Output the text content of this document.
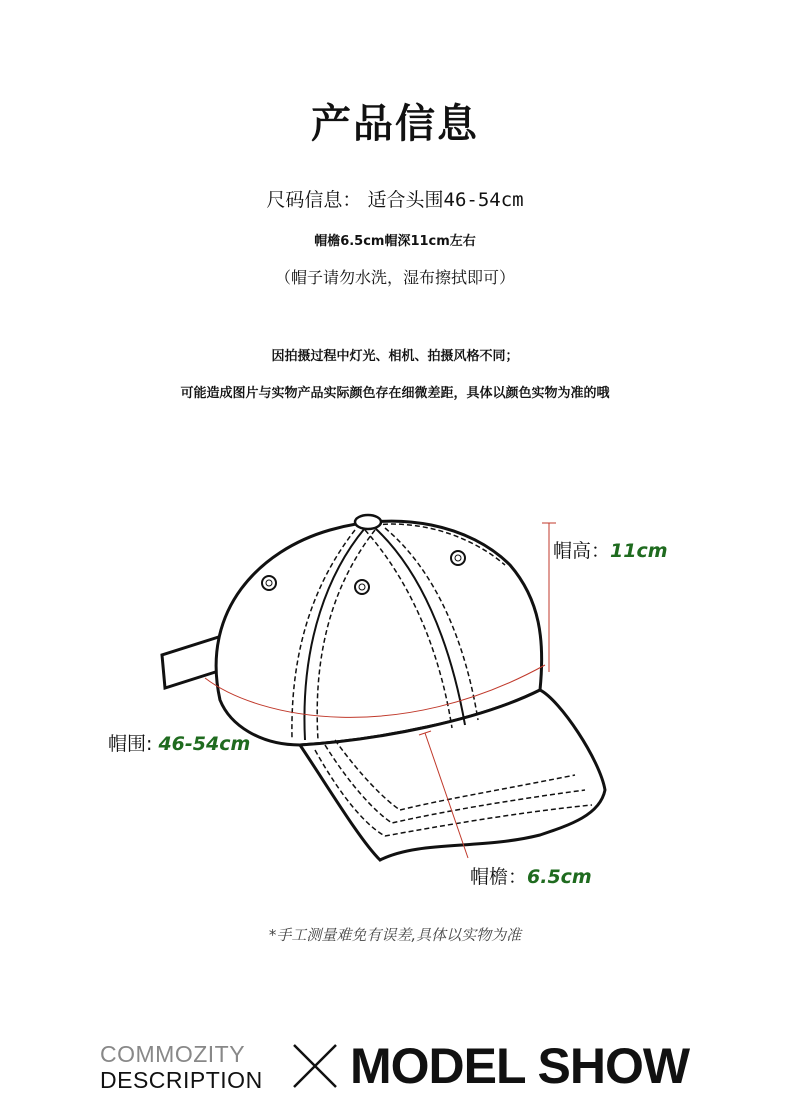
产品信息
尺码信息： 适合头围46-54cm
帽檐6.5cm帽深11cm左右
（帽子请勿水洗，湿布擦拭即可）
因拍摄过程中灯光、相机、拍摄风格不同；
可能造成图片与实物产品实际颜色存在细微差距，具体以颜色实物为准的哦
帽高：11cm
帽围: 46-54cm
帽檐：6.5cm
*手工测量难免有误差,具体以实物为准
COMMOZITY
DESCRIPTION MODEL SHOW
